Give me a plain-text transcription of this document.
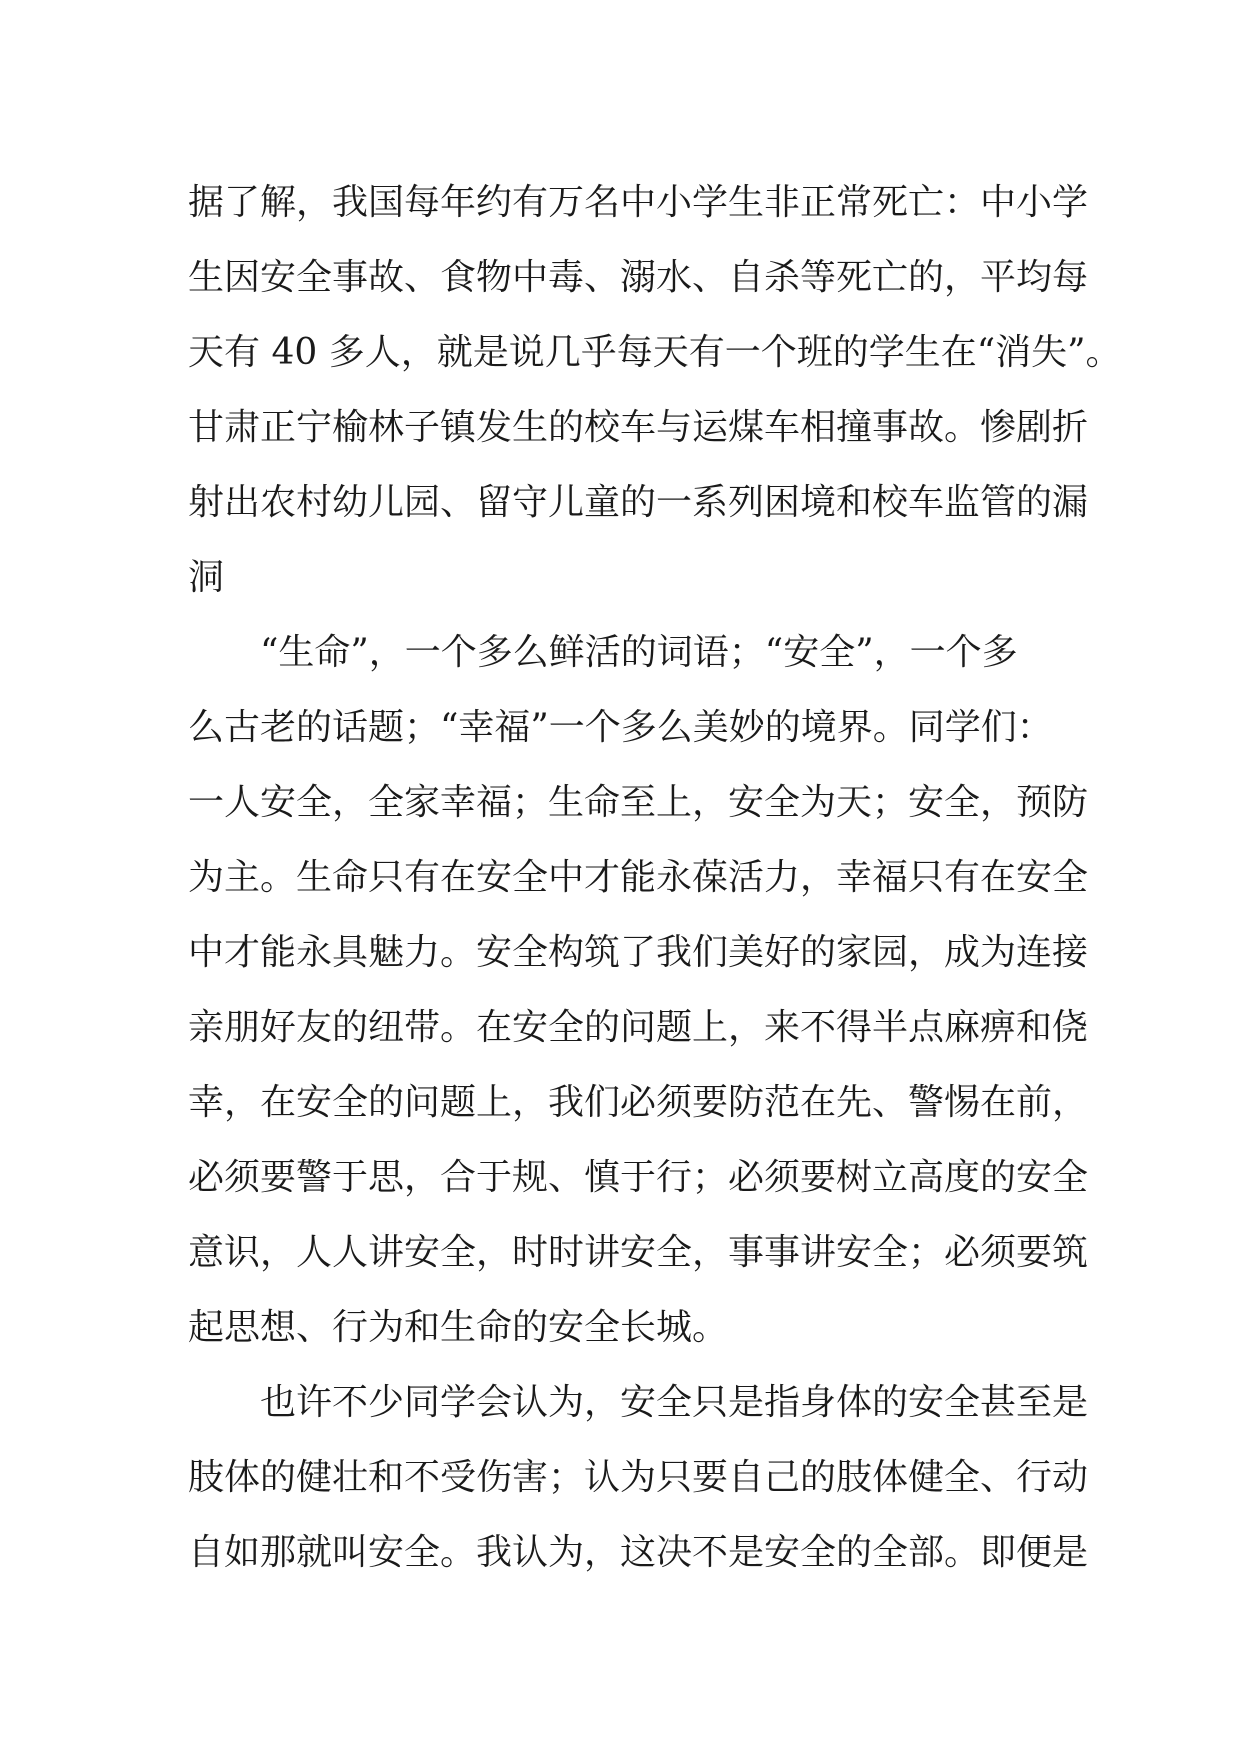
据了解，我国每年约有万名中小学生非正常死亡：中小学
生因安全事故、食物中毒、溺水、自杀等死亡的，平均每
天有 40 多人，就是说几乎每天有一个班的学生在“消失”。
甘肃正宁榆林子镇发生的校车与运煤车相撞事故。惨剧折
射出农村幼儿园、留守儿童的一系列困境和校车监管的漏
洞
“生命”，一个多么鲜活的词语；“安全”，一个多
么古老的话题；“幸福”一个多么美妙的境界。同学们：
一人安全，全家幸福；生命至上，安全为天；安全，预防
为主。生命只有在安全中才能永葆活力，幸福只有在安全
中才能永具魅力。安全构筑了我们美好的家园，成为连接
亲朋好友的纽带。在安全的问题上，来不得半点麻痹和侥
幸，在安全的问题上，我们必须要防范在先、警惕在前，
必须要警于思，合于规、慎于行；必须要树立高度的安全
意识，人人讲安全，时时讲安全，事事讲安全；必须要筑
起思想、行为和生命的安全长城。
也许不少同学会认为，安全只是指身体的安全甚至是
肢体的健壮和不受伤害；认为只要自己的肢体健全、行动
自如那就叫安全。我认为，这决不是安全的全部。即便是
